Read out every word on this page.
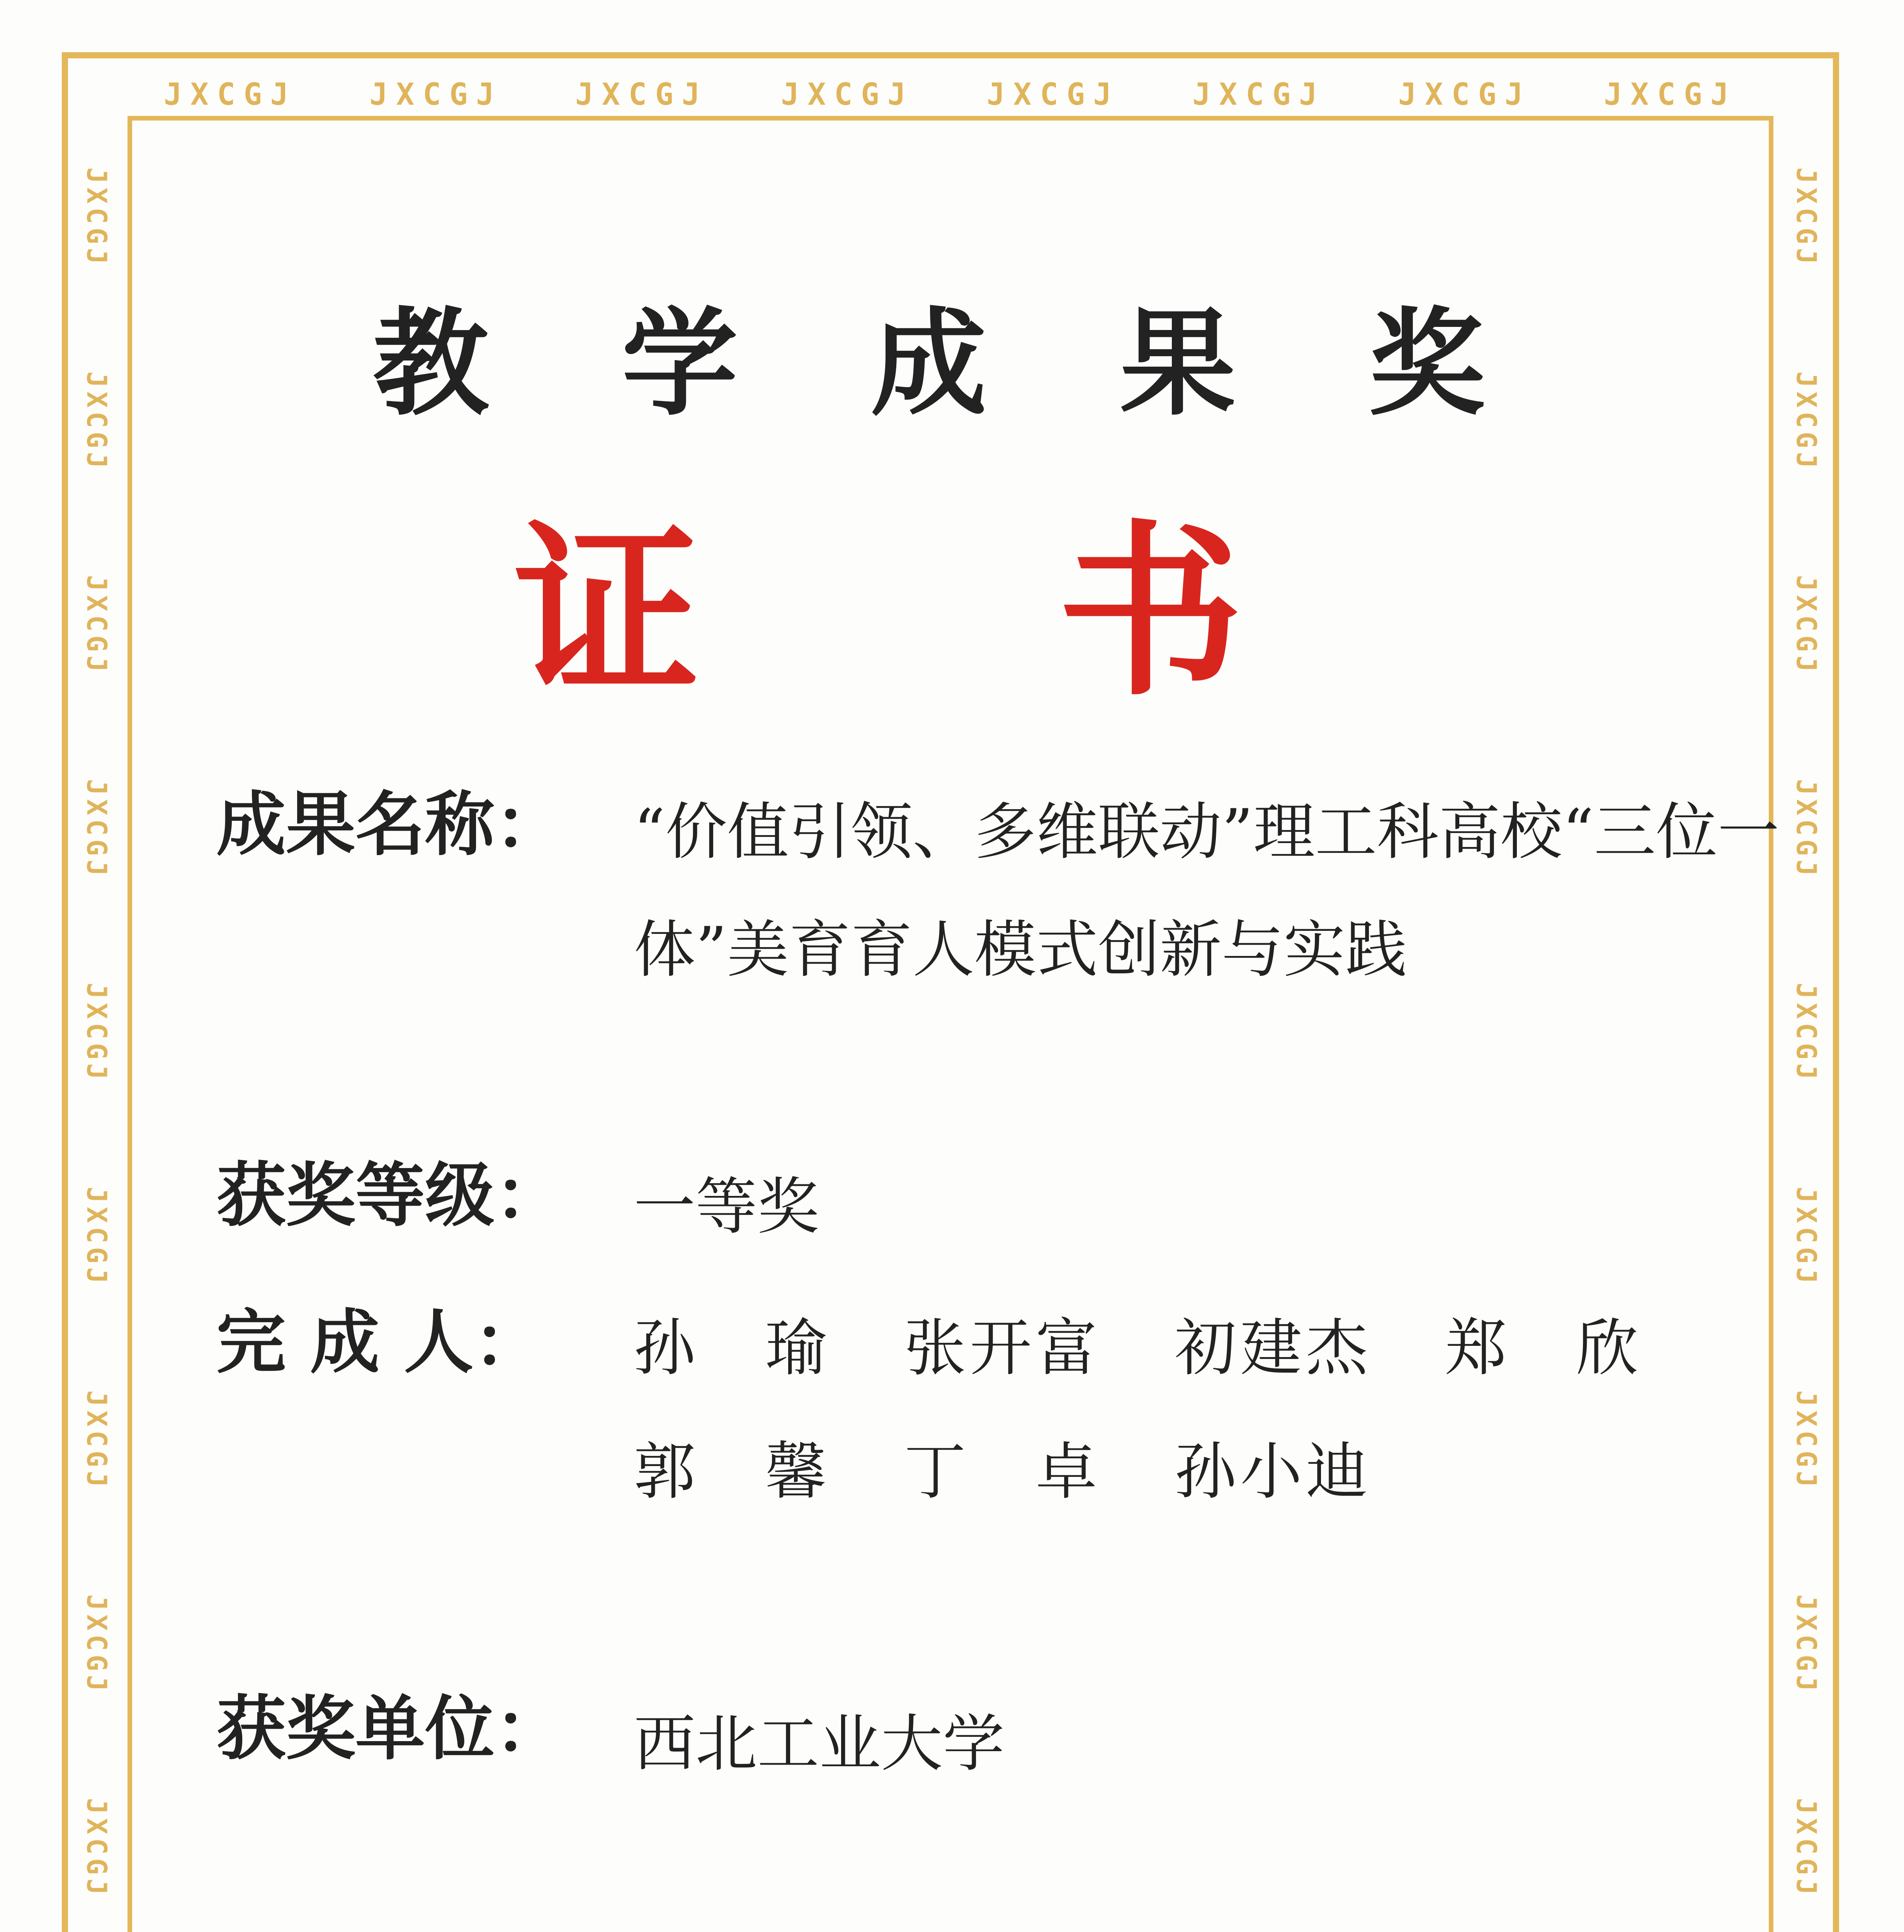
JXCGJ JXCGJ JXCGJ JXCGJ JXCGJ JXCGJ JXCGJ JXCGJ
JXCGJ
JXCGJ
JXCGJ
JXCGJ
JXCGJ
JXCGJ
JXCGJ
JXCGJ
JXCGJ
JXCGJ
JXCGJ
JXCGJ
JXCGJ
JXCGJ
JXCGJ
JXCGJ
JXCGJ
JXCGJ
教 学 成 果 奖
证 书
成果名称： “价值引领、多维联动”理工科高校“三位一体”美育育人模式创新与实践
获奖等级： 一等奖
完 成 人： 孙瑜 张开富	初建杰	郑欣
郭馨 丁卓 孙小迪
获奖单位： 西北工业大学
